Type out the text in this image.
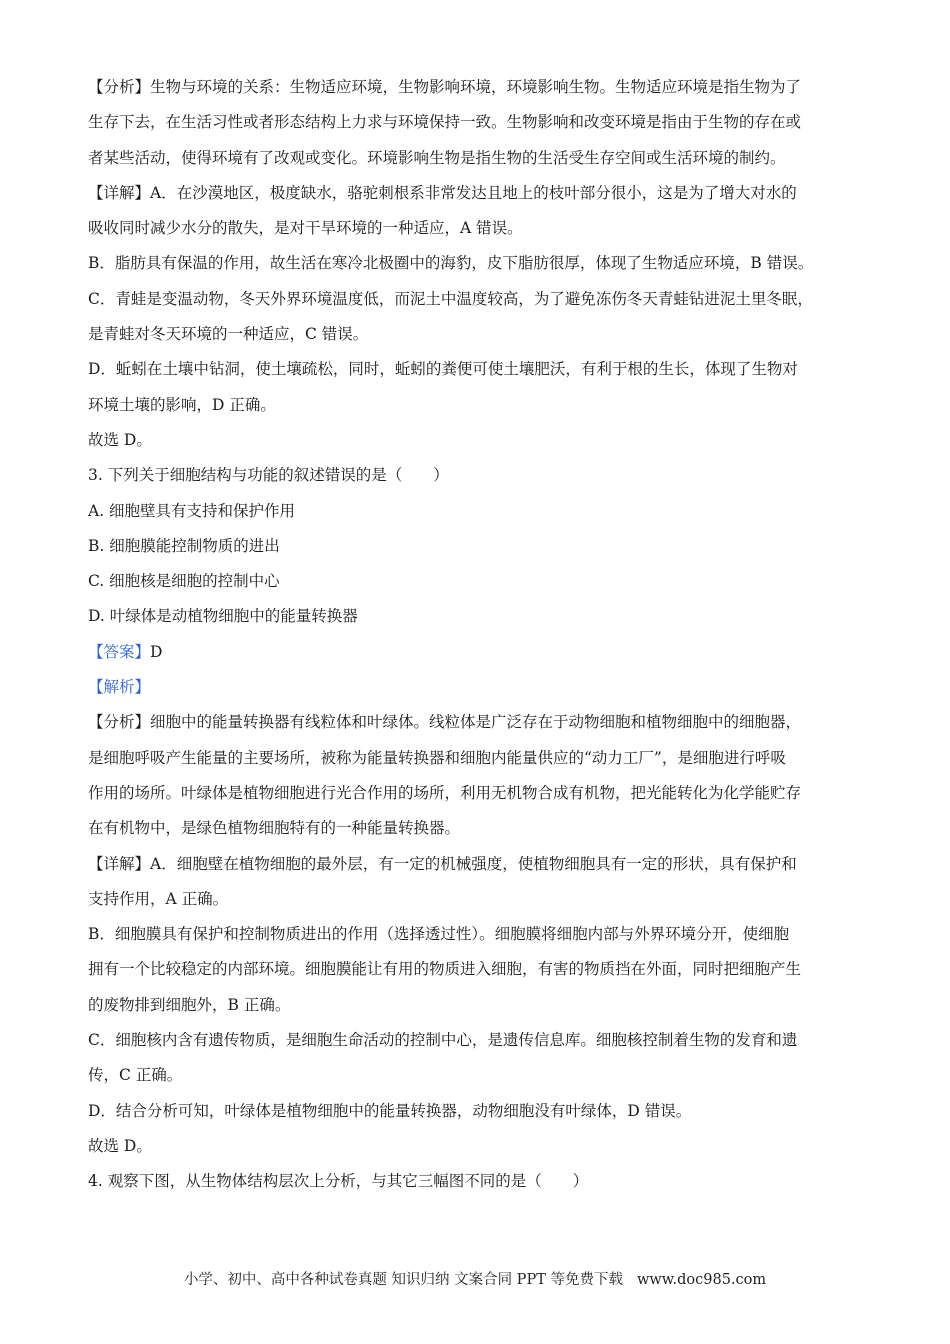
【分析】生物与环境的关系：生物适应环境，生物影响环境，环境影响生物。生物适应环境是指生物为了
生存下去，在生活习性或者形态结构上力求与环境保持一致。生物影响和改变环境是指由于生物的存在或
者某些活动，使得环境有了改观或变化。环境影响生物是指生物的生活受生存空间或生活环境的制约。
【详解】A．在沙漠地区，极度缺水，骆驼刺根系非常发达且地上的枝叶部分很小，这是为了增大对水的
吸收同时减少水分的散失，是对干旱环境的一种适应，A 错误。
B．脂肪具有保温的作用，故生活在寒冷北极圈中的海豹，皮下脂肪很厚，体现了生物适应环境，B 错误。
C．青蛙是变温动物，冬天外界环境温度低，而泥土中温度较高，为了避免冻伤冬天青蛙钻进泥土里冬眠，
是青蛙对冬天环境的一种适应，C 错误。
D．蚯蚓在土壤中钻洞，使土壤疏松，同时，蚯蚓的粪便可使土壤肥沃，有利于根的生长，体现了生物对
环境土壤的影响，D 正确。
故选 D。
3. 下列关于细胞结构与功能的叙述错误的是（　　）
A. 细胞壁具有支持和保护作用
B. 细胞膜能控制物质的进出
C. 细胞核是细胞的控制中心
D. 叶绿体是动植物细胞中的能量转换器
【答案】D
【解析】
【分析】细胞中的能量转换器有线粒体和叶绿体。线粒体是广泛存在于动物细胞和植物细胞中的细胞器，
是细胞呼吸产生能量的主要场所，被称为能量转换器和细胞内能量供应的“动力工厂”，是细胞进行呼吸
作用的场所。叶绿体是植物细胞进行光合作用的场所，利用无机物合成有机物，把光能转化为化学能贮存
在有机物中，是绿色植物细胞特有的一种能量转换器。
【详解】A．细胞壁在植物细胞的最外层，有一定的机械强度，使植物细胞具有一定的形状，具有保护和
支持作用，A 正确。
B．细胞膜具有保护和控制物质进出的作用（选择透过性）。细胞膜将细胞内部与外界环境分开，使细胞
拥有一个比较稳定的内部环境。细胞膜能让有用的物质进入细胞，有害的物质挡在外面，同时把细胞产生
的废物排到细胞外，B 正确。
C．细胞核内含有遗传物质，是细胞生命活动的控制中心，是遗传信息库。细胞核控制着生物的发育和遗
传，C 正确。
D．结合分析可知，叶绿体是植物细胞中的能量转换器，动物细胞没有叶绿体，D 错误。
故选 D。
4. 观察下图，从生物体结构层次上分析，与其它三幅图不同的是（　　）
小学、初中、高中各种试卷真题 知识归纳 文案合同 PPT 等免费下载 www.doc985.com
